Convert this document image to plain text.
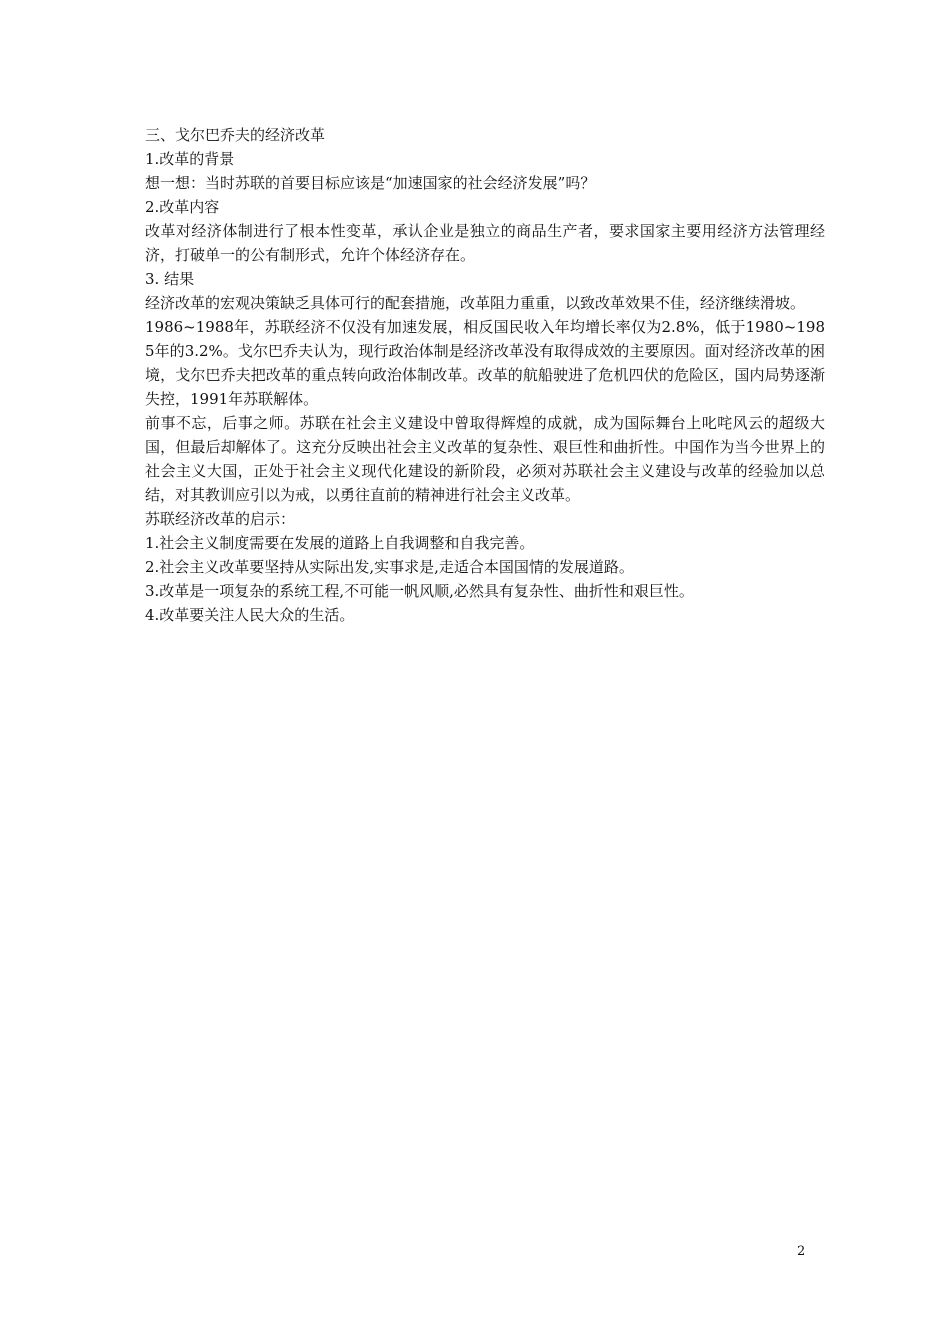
三、戈尔巴乔夫的经济改革

1.改革的背景

想一想：当时苏联的首要目标应该是“加速国家的社会经济发展”吗？

2.改革内容

改革对经济体制进行了根本性变革，承认企业是独立的商品生产者，要求国家主要用经济方法管理经济，打破单一的公有制形式，允许个体经济存在。

3. 结果

经济改革的宏观决策缺乏具体可行的配套措施，改革阻力重重，以致改革效果不佳，经济继续滑坡。

1986~1988年，苏联经济不仅没有加速发展，相反国民收入年均增长率仅为2.8%，低于1980~1985年的3.2%。戈尔巴乔夫认为，现行政治体制是经济改革没有取得成效的主要原因。面对经济改革的困境，戈尔巴乔夫把改革的重点转向政治体制改革。改革的航船驶进了危机四伏的危险区，国内局势逐渐失控，1991年苏联解体。

前事不忘，后事之师。苏联在社会主义建设中曾取得辉煌的成就，成为国际舞台上叱咤风云的超级大国，但最后却解体了。这充分反映出社会主义改革的复杂性、艰巨性和曲折性。中国作为当今世界上的社会主义大国，正处于社会主义现代化建设的新阶段，必须对苏联社会主义建设与改革的经验加以总结，对其教训应引以为戒，以勇往直前的精神进行社会主义改革。

苏联经济改革的启示：

1.社会主义制度需要在发展的道路上自我调整和自我完善。

2.社会主义改革要坚持从实际出发,实事求是,走适合本国国情的发展道路。

3.改革是一项复杂的系统工程,不可能一帆风顺,必然具有复杂性、曲折性和艰巨性。

4.改革要关注人民大众的生活。

2
